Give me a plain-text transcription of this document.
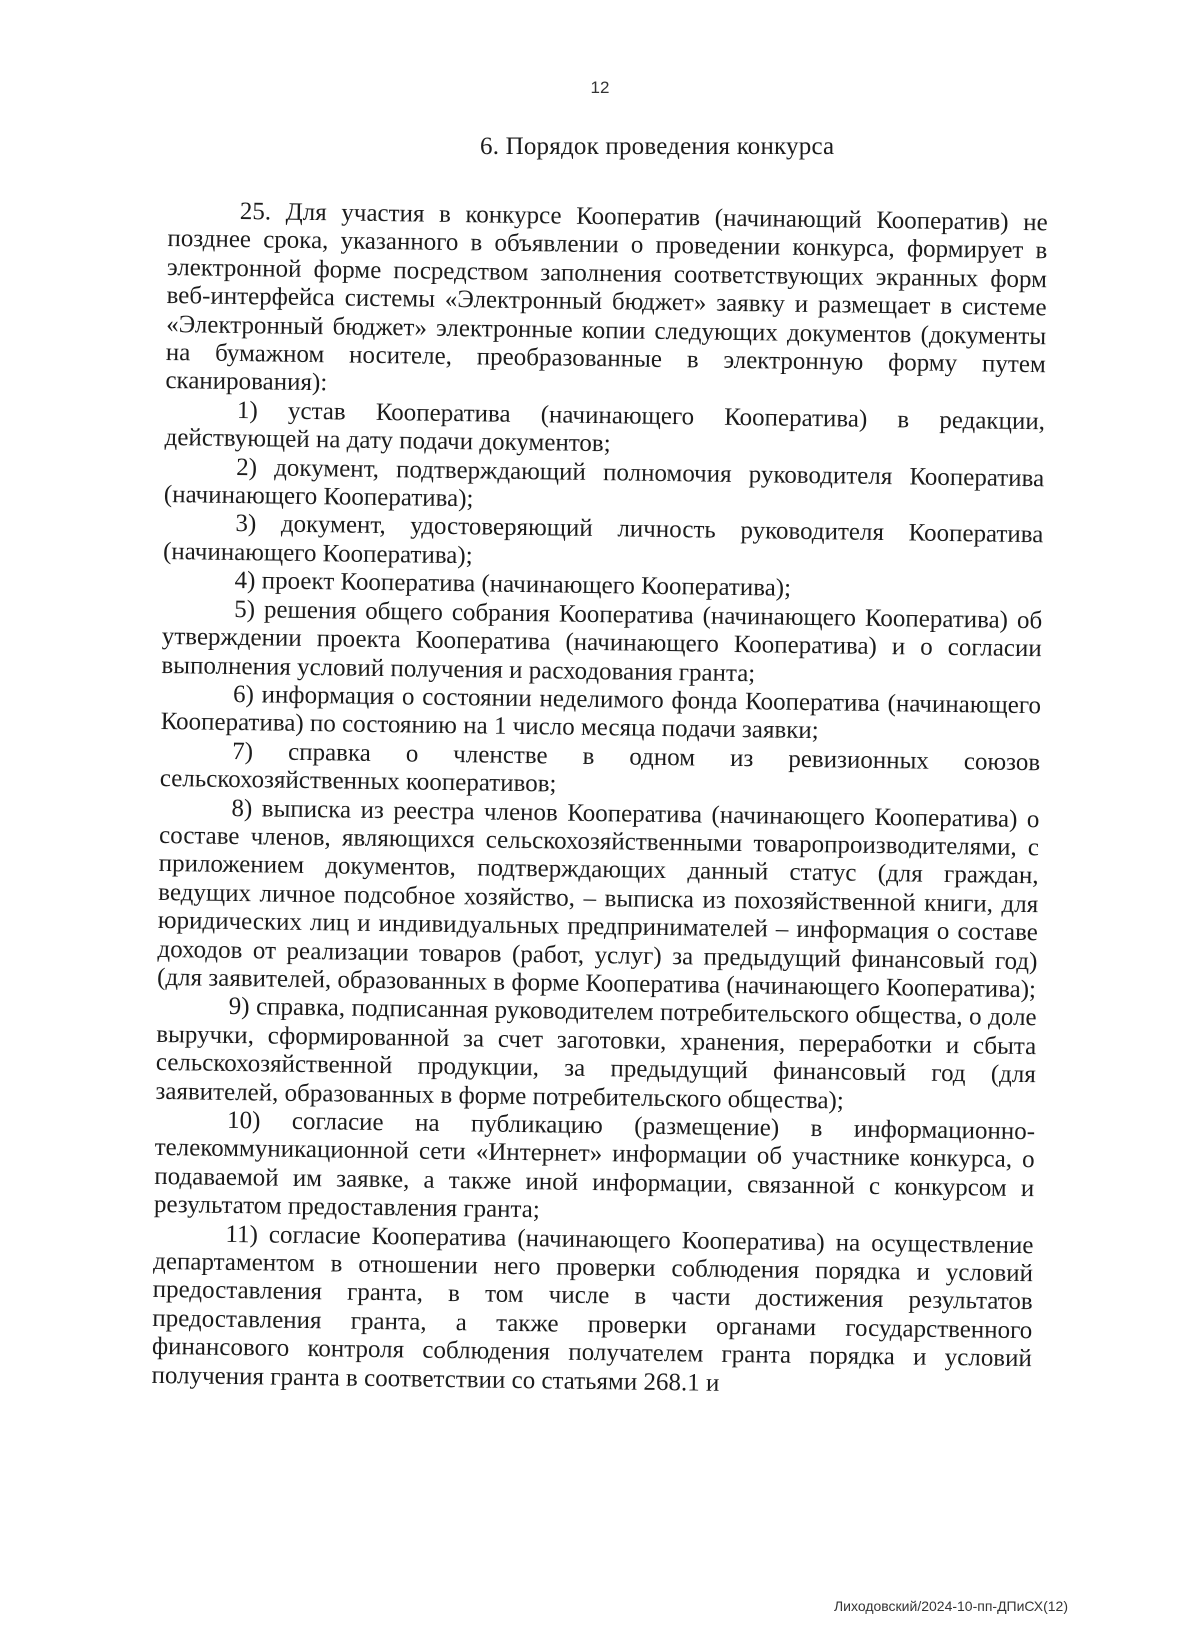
12
6. Порядок проведения конкурса

25. Для участия в конкурсе Кооператив (начинающий Кооператив) не позднее срока, указанного в объявлении о проведении конкурса, формирует в электронной форме посредством заполнения соответствующих экранных форм веб-интерфейса системы «Электронный бюджет» заявку и размещает в системе «Электронный бюджет» электронные копии следующих документов (документы на бумажном носителе, преобразованные в электронную форму путем сканирования):

1) устав Кооператива (начинающего Кооператива) в редакции, действующей на дату подачи документов;

2) документ, подтверждающий полномочия руководителя Кооператива (начинающего Кооператива);

3) документ, удостоверяющий личность руководителя Кооператива (начинающего Кооператива);

4) проект Кооператива (начинающего Кооператива);

5) решения общего собрания Кооператива (начинающего Кооператива) об утверждении проекта Кооператива (начинающего Кооператива) и о согласии выполнения условий получения и расходования гранта;

6) информация о состоянии неделимого фонда Кооператива (начинающего Кооператива) по состоянию на 1 число месяца подачи заявки;

7) справка о членстве в одном из ревизионных союзов сельскохозяйственных кооперативов;

8) выписка из реестра членов Кооператива (начинающего Кооператива) о составе членов, являющихся сельскохозяйственными товаропроизводителями, с приложением документов, подтверждающих данный статус (для граждан, ведущих личное подсобное хозяйство, – выписка из похозяйственной книги, для юридических лиц и индивидуальных предпринимателей – информация о составе доходов от реализации товаров (работ, услуг) за предыдущий финансовый год) (для заявителей, образованных в форме Кооператива (начинающего Кооператива);

9) справка, подписанная руководителем потребительского общества, о доле выручки, сформированной за счет заготовки, хранения, переработки и сбыта сельскохозяйственной продукции, за предыдущий финансовый год (для заявителей, образованных в форме потребительского общества);

10) согласие на публикацию (размещение) в информационно-телекоммуникационной сети «Интернет» информации об участнике конкурса, о подаваемой им заявке, а также иной информации, связанной с конкурсом и результатом предоставления гранта;

11) согласие Кооператива (начинающего Кооператива) на осуществление департаментом в отношении него проверки соблюдения порядка и условий предоставления гранта, в том числе в части достижения результатов предоставления гранта, а также проверки органами государственного финансового контроля соблюдения получателем гранта порядка и условий получения гранта в соответствии со статьями 268.1 и

Лиходовский/2024-10-пп-ДПиСХ(12)
